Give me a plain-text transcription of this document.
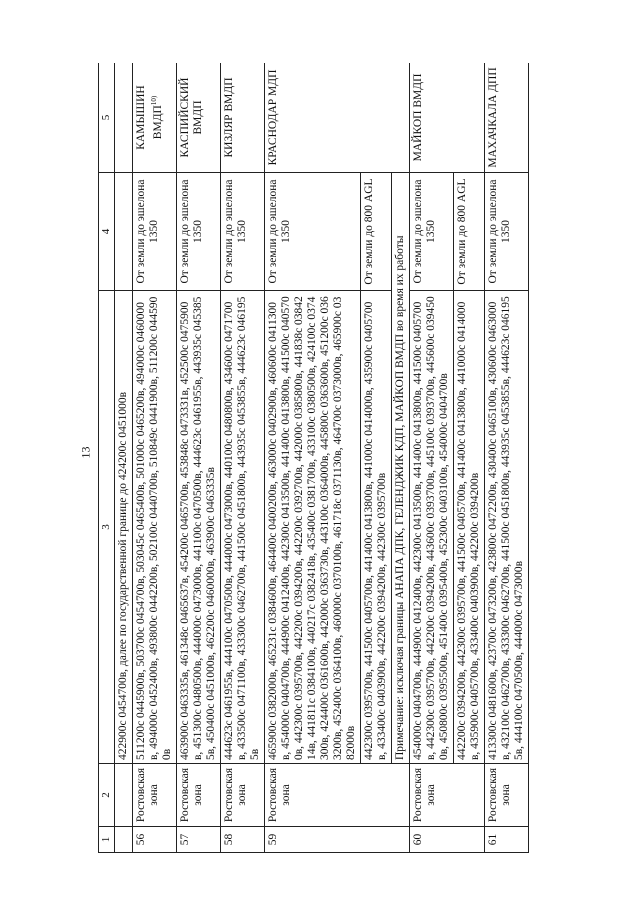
13
1	2	3	4	5
		422900с 0454700в, далее по государственной границе до 424200с 0451000в		
56	Ростовская зона	511200с 0445900в, 503700с 0454700в, 503045с 0465400в, 501000с 0465200в, 494000с 0460000в, 494000с 0452400в, 493800с 0442200в, 502100с 0440700в, 510849с 0441900в, 511200с 0445900в	От земли до эшелона 1350	КАМЫШИН ВМДП$^{10)}$
57	Ростовская зона	463900с 0463335в, 461348с 0465637в, 454200с 0465700в, 453848с 0473331в, 452500с 0475900в, 451300с 0480500в, 444000с 0473000в, 441100с 0470500в, 444623с 0461955в, 443935с 0453855в, 450400с 0451000в, 462200с 0460000в, 463900с 0463335в	От земли до эшелона 1350	КАСПИЙСКИЙ ВМДП
58	Ростовская зона	444623с 0461955в, 444100с 0470500в, 444000с 0473000в, 440100с 0480800в, 434600с 0471700в, 433500с 0471100в, 433300с 0462700в, 441500с 0451800в, 443935с 0453855в, 444623с 0461955в	От земли до эшелона 1350	КИЗЛЯР ВМДП
59	Ростовская зона	465900с 0382000в, 465231с 0384600в, 464400с 0400200в, 463000с 0402900в, 460600с 0411300в, 454000с 0404700в, 444900с 0412400в, 442300с 0413500в, 441400с 0413800в, 441500с 0405700в, 442300с 0395700в, 442200с 0394200в, 442200с 0392700в, 442000с 0385800в, 441838с 0384214в, 441811с 0384100в, 440217с 0382418в, 435400с 0381700в, 433100с 0380500в, 424100с 0374300в, 424400с 0361600в, 442000с 0363730в, 443100с 0364000в, 445800с 0363600в, 451200с 0363200в, 452400с 0364100в, 460000с 0370100в, 461718с 0371130в, 464700с 0373000в, 465900с 0382000в	От земли до эшелона 1350	КРАСНОДАР МДП

		442300с 0395700в, 441500с 0405700в, 441400с 0413800в, 441000с 0414000в, 435900с 0405700в, 433400с 0403900в, 442200с 0394200в, 442300с 0395700в	От земли до 800 AGL	

		Примечание: исключая границы АНАПА ДПК, ГЕЛЕНДЖИК КДП, МАЙКОП ВМДП во время их работы		

60	Ростовская зона	454000с 0404700в, 444900с 0412400в, 442300с 0413500в, 441400с 0413800в, 441500с 0405700в, 442300с 0395700в, 442200с 0394200в, 443600с 0393700в, 445100с 0393700в, 445600с 0394500в, 450800с 0395500в, 451400с 0395400в, 452300с 0403100в, 454000с 0404700в	От земли до эшелона 1350	МАЙКОП ВМДП

		442200с 0394200в, 442300с 0395700в, 441500с 0405700в, 441400с 0413800в, 441000с 0414000в, 435900с 0405700в, 433400с 0403900в, 442200с 0394200в	От земли до 800 AGL	
61	Ростовская зона	413300с 0481600в, 423700с 0473200в, 423800с 0472200в, 430400с 0465100в, 430600с 0463000в, 432100с 0462700в, 433300с 0462700в, 441500с 0451800в, 443935с 0453855в, 444623с 0461955в, 444100с 0470500в, 444000с 0473000в	От земли до эшелона 1350	МАХАЧКАЛА ДПП
